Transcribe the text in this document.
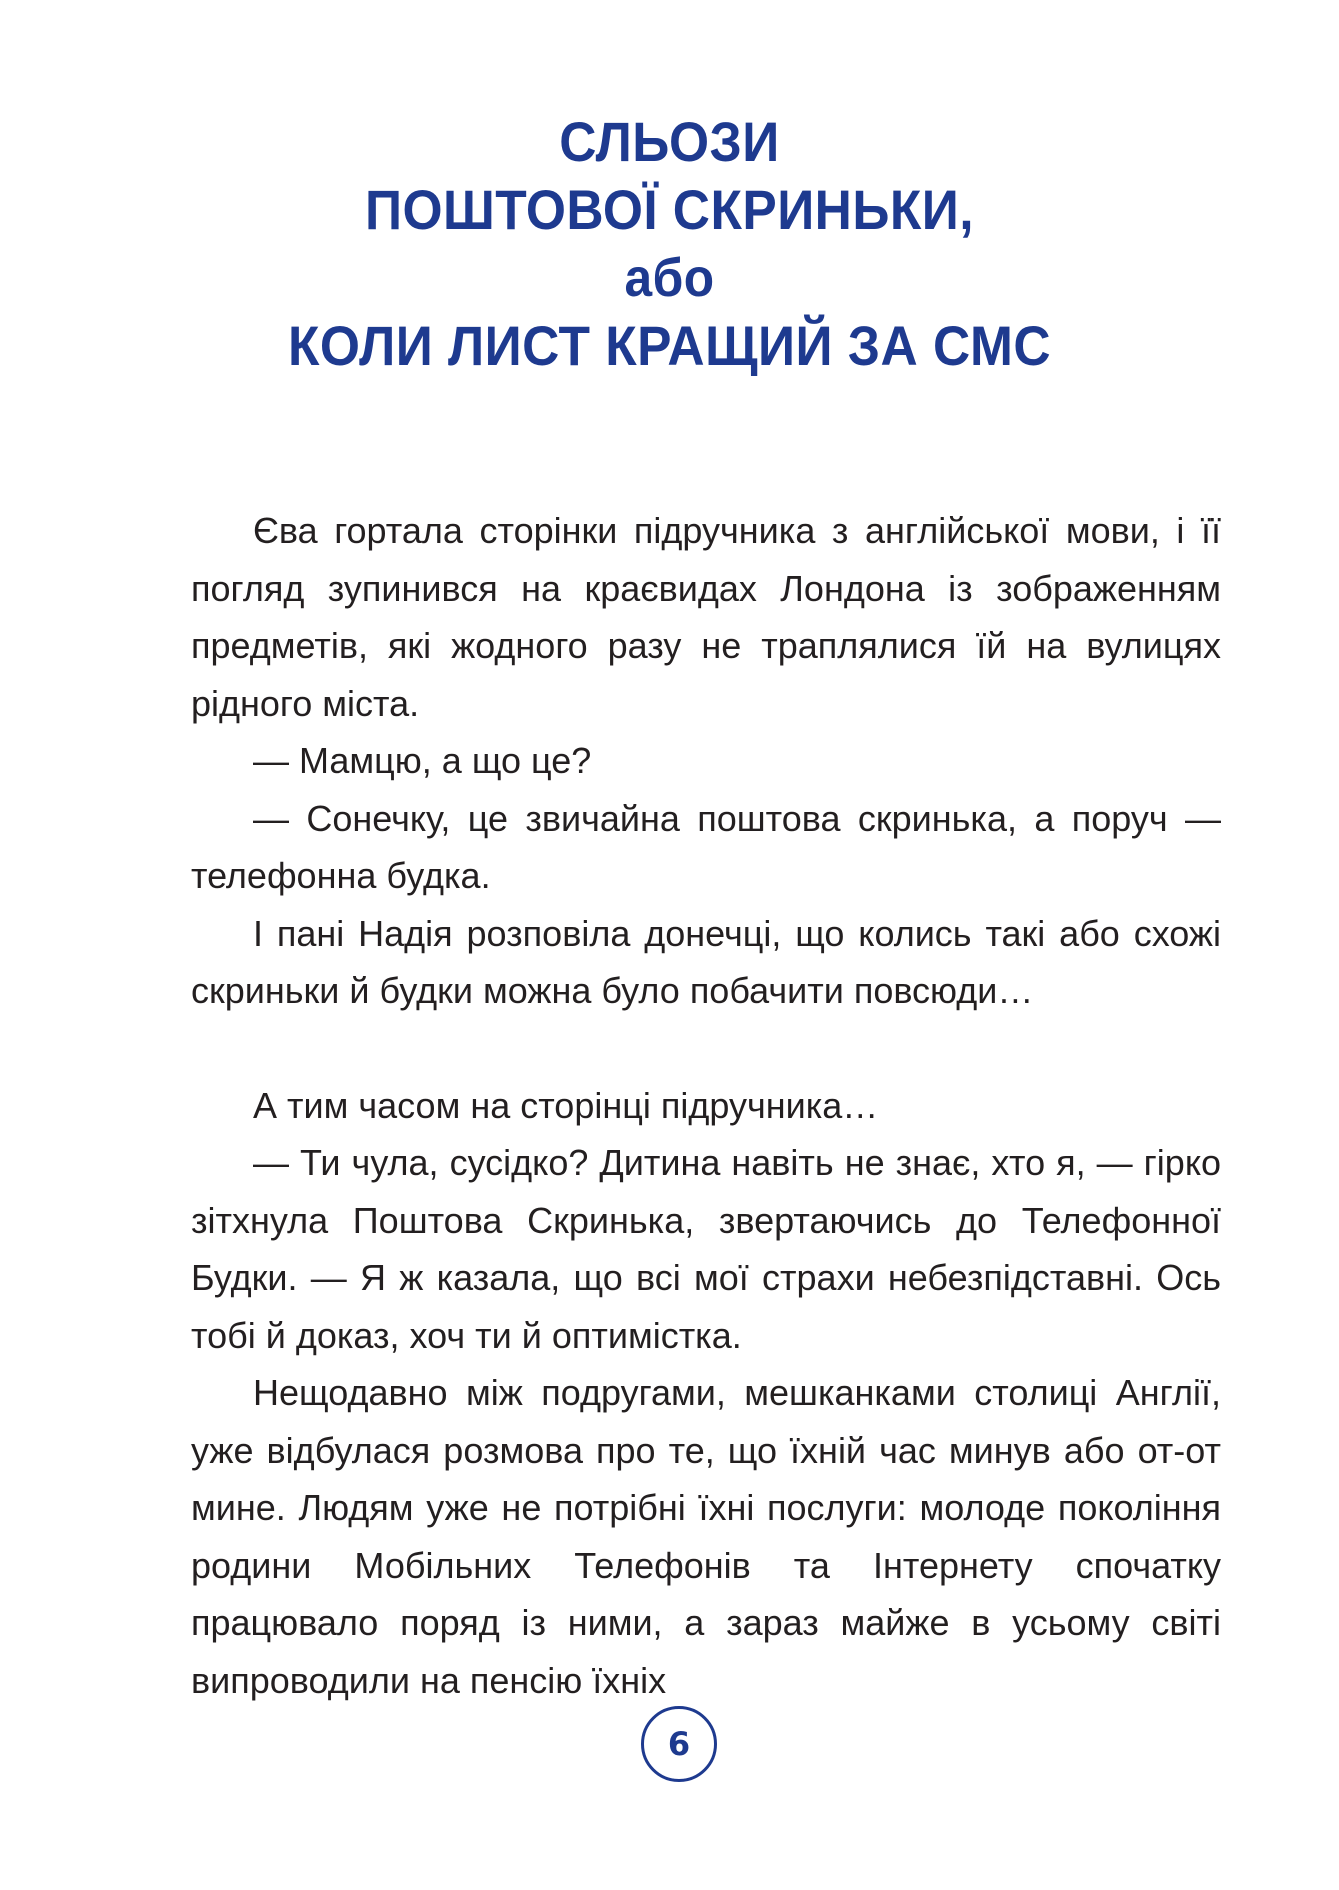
СЛЬОЗИ
ПОШТОВОЇ СКРИНЬКИ,
або
КОЛИ ЛИСТ КРАЩИЙ ЗА СМС

Єва гортала сторінки підручника з англійської мови, і її погляд зупинився на краєвидах Лондона із зображенням предметів, які жодного разу не траплялися їй на вулицях рідного міста.

— Мамцю, а що це?

— Сонечку, це звичайна поштова скринька, а поруч — телефонна будка.

І пані Надія розповіла донечці, що колись такі або схожі скриньки й будки можна було побачити повсюди…

А тим часом на сторінці підручника…

— Ти чула, сусідко? Дитина навіть не знає, хто я, — гірко зітхнула Поштова Скринька, звертаючись до Телефонної Будки. — Я ж казала, що всі мої страхи небезпідставні. Ось тобі й доказ, хоч ти й оптимістка.

Нещодавно між подругами, мешканками столиці Англії, уже відбулася розмова про те, що їхній час минув або от-от мине. Людям уже не потрібні їхні послуги: молоде покоління родини Мобільних Телефонів та Інтернету спочатку працювало поряд із ними, а зараз майже в усьому світі випроводили на пенсію їхніх

6
